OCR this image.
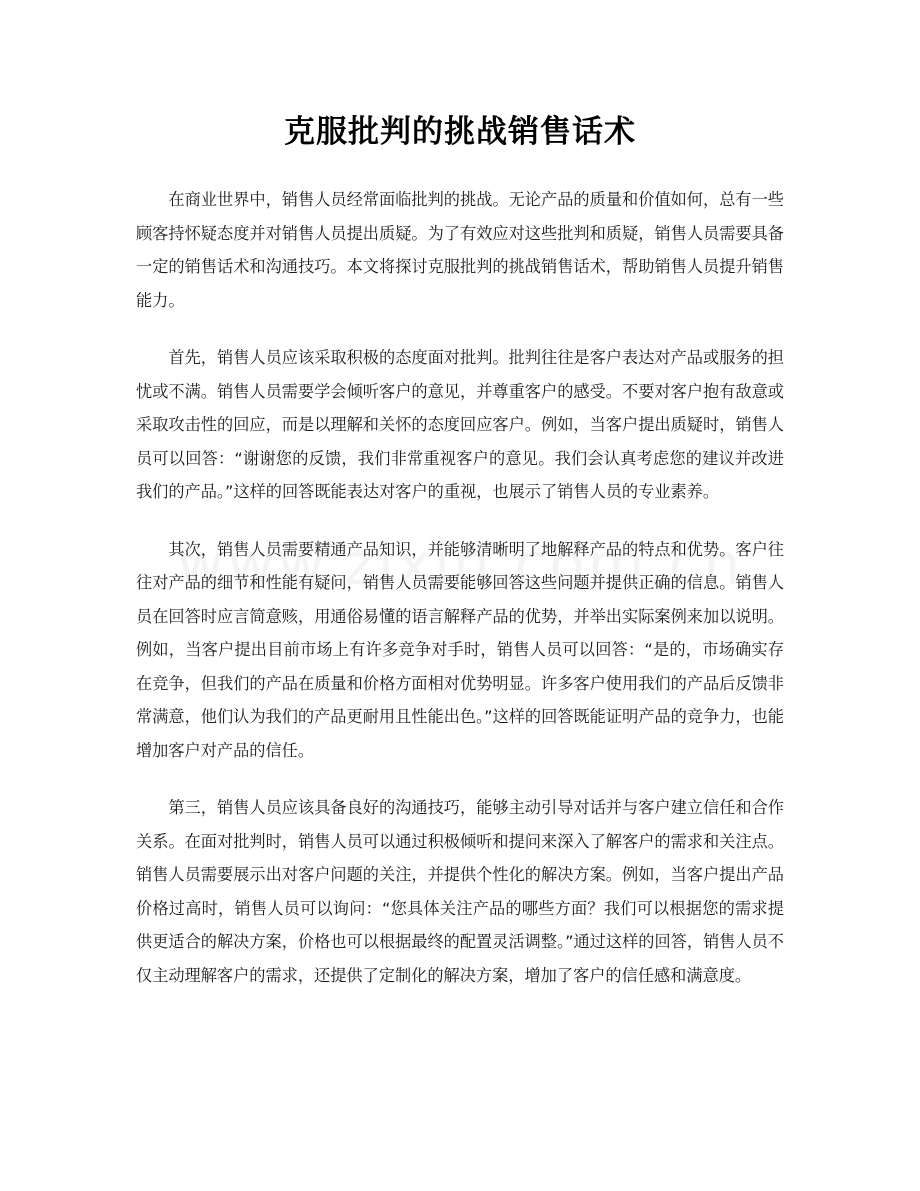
克服批判的挑战销售话术

在商业世界中，销售人员经常面临批判的挑战。无论产品的质量和价值如何，总有一些顾客持怀疑态度并对销售人员提出质疑。为了有效应对这些批判和质疑，销售人员需要具备一定的销售话术和沟通技巧。本文将探讨克服批判的挑战销售话术，帮助销售人员提升销售能力。

首先，销售人员应该采取积极的态度面对批判。批判往往是客户表达对产品或服务的担忧或不满。销售人员需要学会倾听客户的意见，并尊重客户的感受。不要对客户抱有敌意或采取攻击性的回应，而是以理解和关怀的态度回应客户。例如，当客户提出质疑时，销售人员可以回答：“谢谢您的反馈，我们非常重视客户的意见。我们会认真考虑您的建议并改进我们的产品。”这样的回答既能表达对客户的重视，也展示了销售人员的专业素养。

其次，销售人员需要精通产品知识，并能够清晰明了地解释产品的特点和优势。客户往往对产品的细节和性能有疑问，销售人员需要能够回答这些问题并提供正确的信息。销售人员在回答时应言简意赅，用通俗易懂的语言解释产品的优势，并举出实际案例来加以说明。例如，当客户提出目前市场上有许多竞争对手时，销售人员可以回答：“是的，市场确实存在竞争，但我们的产品在质量和价格方面相对优势明显。许多客户使用我们的产品后反馈非常满意，他们认为我们的产品更耐用且性能出色。”这样的回答既能证明产品的竞争力，也能增加客户对产品的信任。

第三，销售人员应该具备良好的沟通技巧，能够主动引导对话并与客户建立信任和合作关系。在面对批判时，销售人员可以通过积极倾听和提问来深入了解客户的需求和关注点。销售人员需要展示出对客户问题的关注，并提供个性化的解决方案。例如，当客户提出产品价格过高时，销售人员可以询问：“您具体关注产品的哪些方面？我们可以根据您的需求提供更适合的解决方案，价格也可以根据最终的配置灵活调整。”通过这样的回答，销售人员不仅主动理解客户的需求，还提供了定制化的解决方案，增加了客户的信任感和满意度。
